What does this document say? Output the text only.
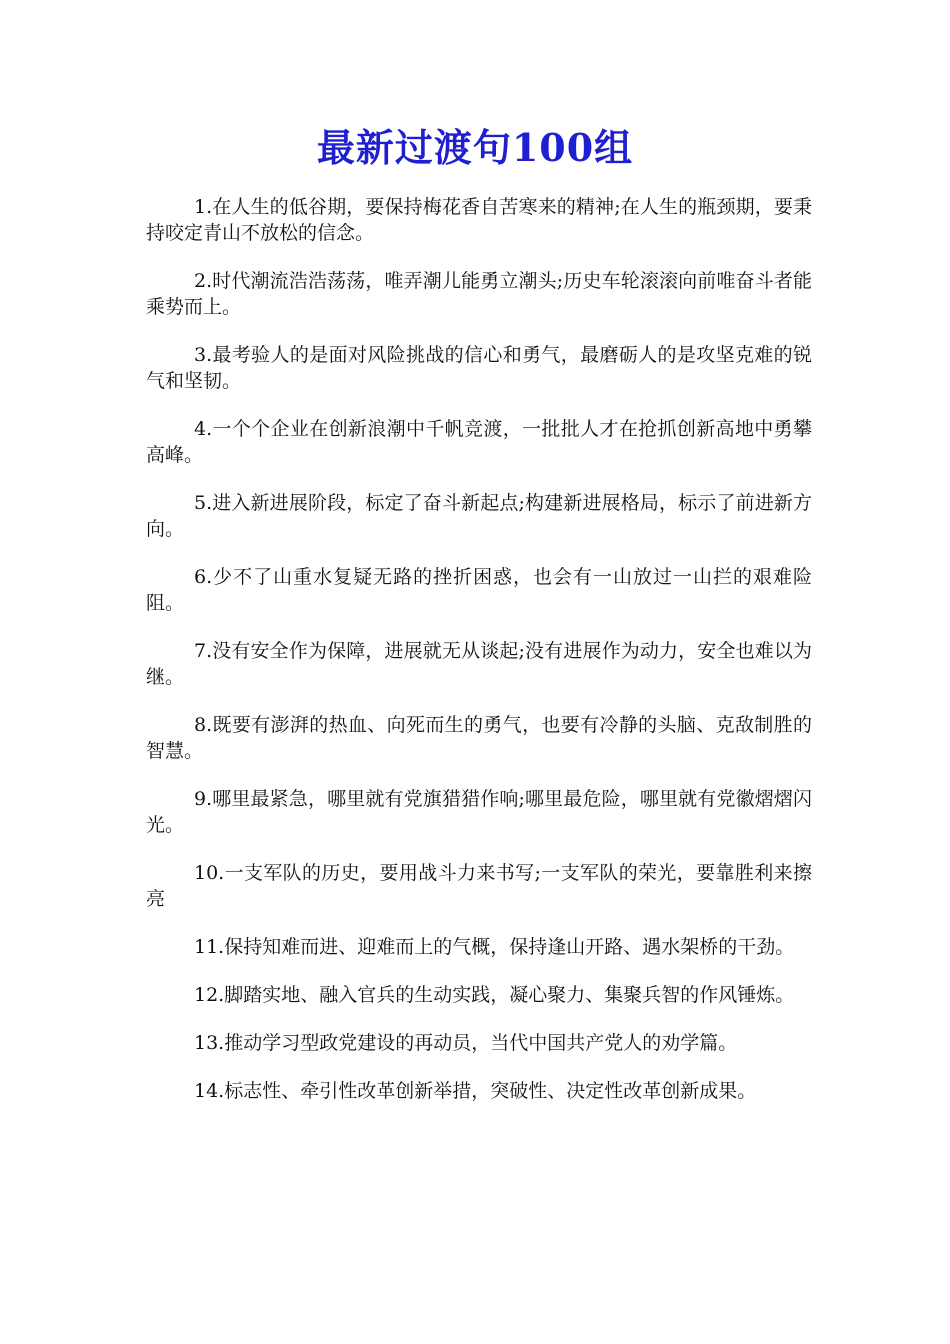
最新过渡句100组

1.在人生的低谷期，要保持梅花香自苦寒来的精神;在人生的瓶颈期，要秉持咬定青山不放松的信念。

2.时代潮流浩浩荡荡，唯弄潮儿能勇立潮头;历史车轮滚滚向前唯奋斗者能乘势而上。

3.最考验人的是面对风险挑战的信心和勇气，最磨砺人的是攻坚克难的锐气和坚韧。

4.一个个企业在创新浪潮中千帆竞渡，一批批人才在抢抓创新高地中勇攀高峰。

5.进入新进展阶段，标定了奋斗新起点;构建新进展格局，标示了前进新方向。

6.少不了山重水复疑无路的挫折困惑，也会有一山放过一山拦的艰难险阻。

7.没有安全作为保障，进展就无从谈起;没有进展作为动力，安全也难以为继。

8.既要有澎湃的热血、向死而生的勇气，也要有冷静的头脑、克敌制胜的智慧。

9.哪里最紧急，哪里就有党旗猎猎作响;哪里最危险，哪里就有党徽熠熠闪光。

10.一支军队的历史，要用战斗力来书写;一支军队的荣光，要靠胜利来擦亮

11.保持知难而进、迎难而上的气概，保持逢山开路、遇水架桥的干劲。

12.脚踏实地、融入官兵的生动实践，凝心聚力、集聚兵智的作风锤炼。

13.推动学习型政党建设的再动员，当代中国共产党人的劝学篇。

14.标志性、牵引性改革创新举措，突破性、决定性改革创新成果。
